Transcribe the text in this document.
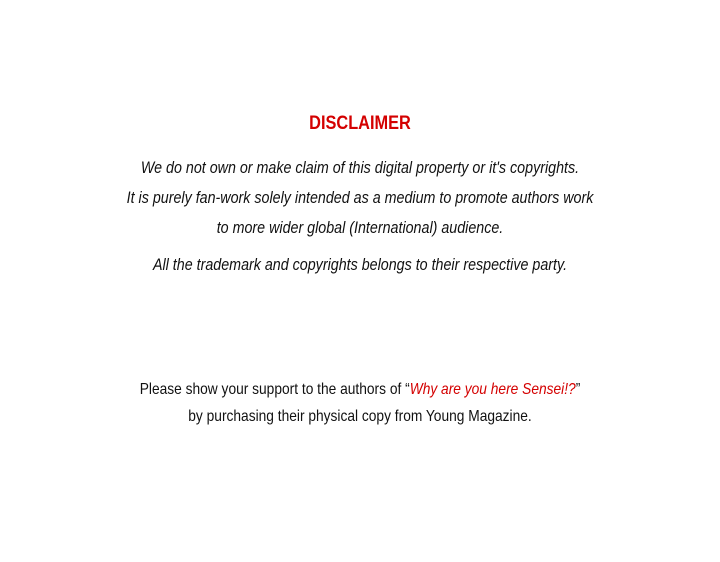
DISCLAIMER

We do not own or make claim of this digital property or it's copyrights.

It is purely fan-work solely intended as a medium to promote authors work

to more wider global (International) audience.

All the trademark and copyrights belongs to their respective party.

Please show your support to the authors of “Why are you here Sensei!?”

by purchasing their physical copy from Young Magazine.
